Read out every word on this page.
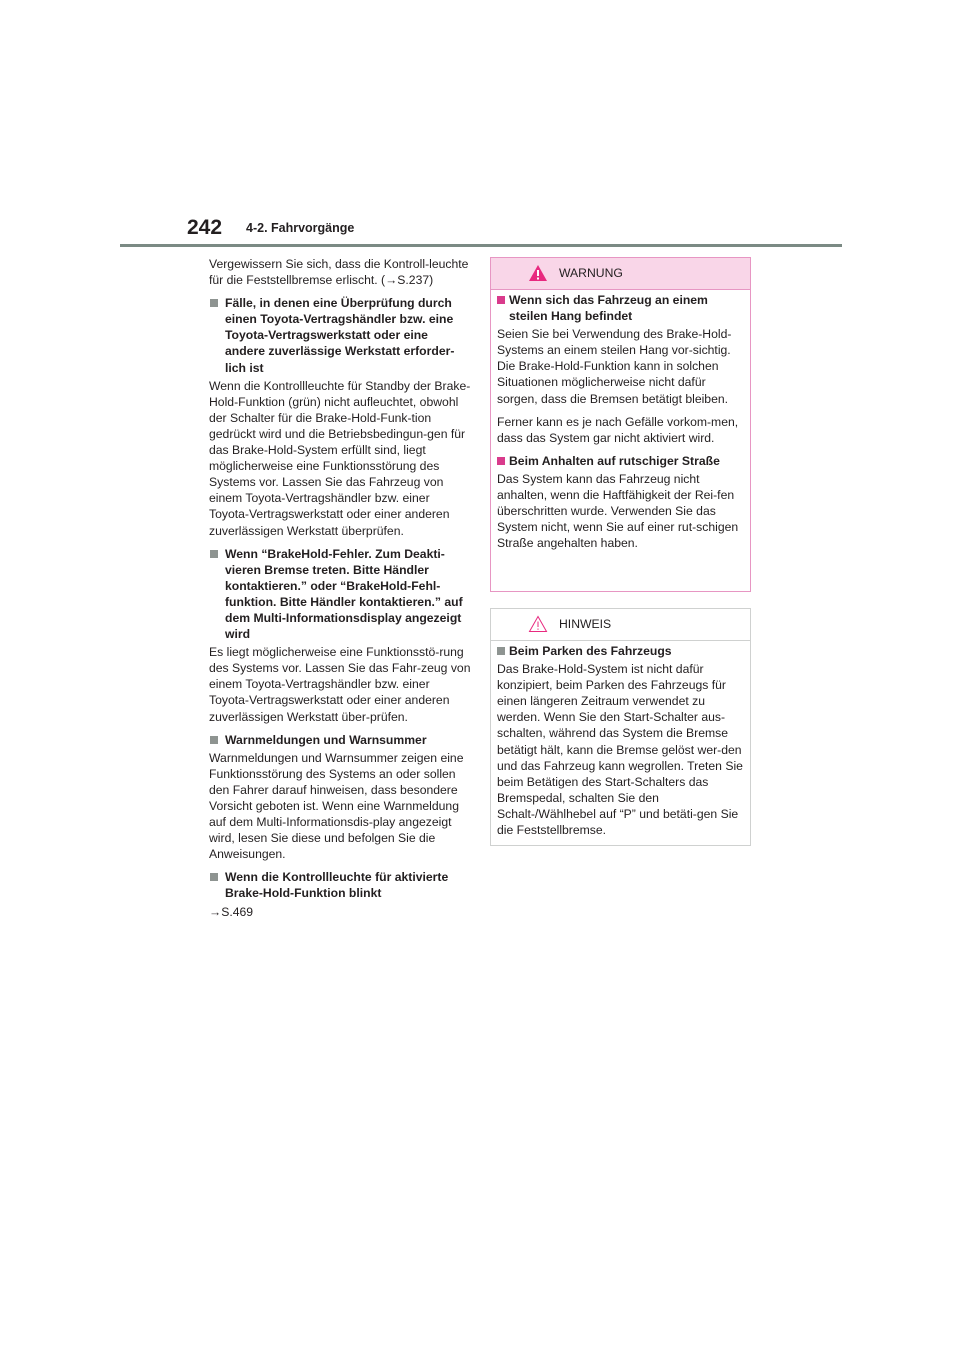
242 4-2. Fahrvorgänge

Vergewissern Sie sich, dass die Kontroll-leuchte für die Feststellbremse erlischt. (→S.237)

Fälle, in denen eine Überprüfung durch einen Toyota-Vertragshändler bzw. eine Toyota-Vertragswerkstatt oder eine andere zuverlässige Werkstatt erforder-lich ist
Wenn die Kontrollleuchte für Standby der Brake-Hold-Funktion (grün) nicht aufleuchtet, obwohl der Schalter für die Brake-Hold-Funk-tion gedrückt wird und die Betriebsbedingun-gen für das Brake-Hold-System erfüllt sind, liegt möglicherweise eine Funktionsstörung des Systems vor. Lassen Sie das Fahrzeug von einem Toyota-Vertragshändler bzw. einer Toyota-Vertragswerkstatt oder einer anderen zuverlässigen Werkstatt überprüfen.
Wenn “BrakeHold-Fehler. Zum Deakti-vieren Bremse treten. Bitte Händler kontaktieren.” oder “BrakeHold-Fehl-funktion. Bitte Händler kontaktieren.” auf dem Multi-Informationsdisplay angezeigt wird
Es liegt möglicherweise eine Funktionsstö-rung des Systems vor. Lassen Sie das Fahr-zeug von einem Toyota-Vertragshändler bzw. einer Toyota-Vertragswerkstatt oder einer anderen zuverlässigen Werkstatt über-prüfen.
Warnmeldungen und Warnsummer
Warnmeldungen und Warnsummer zeigen eine Funktionsstörung des Systems an oder sollen den Fahrer darauf hinweisen, dass besondere Vorsicht geboten ist. Wenn eine Warnmeldung auf dem Multi-Informationsdis-play angezeigt wird, lesen Sie diese und befolgen Sie die Anweisungen.
Wenn die Kontrollleuchte für aktivierte Brake-Hold-Funktion blinkt
→S.469
WARNUNG
Wenn sich das Fahrzeug an einem steilen Hang befindet

Seien Sie bei Verwendung des Brake-Hold-Systems an einem steilen Hang vor-sichtig. Die Brake-Hold-Funktion kann in solchen Situationen möglicherweise nicht dafür sorgen, dass die Bremsen betätigt bleiben.

Ferner kann es je nach Gefälle vorkom-men, dass das System gar nicht aktiviert wird.

Beim Anhalten auf rutschiger Straße

Das System kann das Fahrzeug nicht anhalten, wenn die Haftfähigkeit der Rei-fen überschritten wurde. Verwenden Sie das System nicht, wenn Sie auf einer rut-schigen Straße angehalten haben.

HINWEIS
Beim Parken des Fahrzeugs

Das Brake-Hold-System ist nicht dafür konzipiert, beim Parken des Fahrzeugs für einen längeren Zeitraum verwendet zu werden. Wenn Sie den Start-Schalter aus-schalten, während das System die Bremse betätigt hält, kann die Bremse gelöst wer-den und das Fahrzeug kann wegrollen. Treten Sie beim Betätigen des Start-Schalters das Bremspedal, schalten Sie den Schalt-/Wählhebel auf “P” und betäti-gen Sie die Feststellbremse.
